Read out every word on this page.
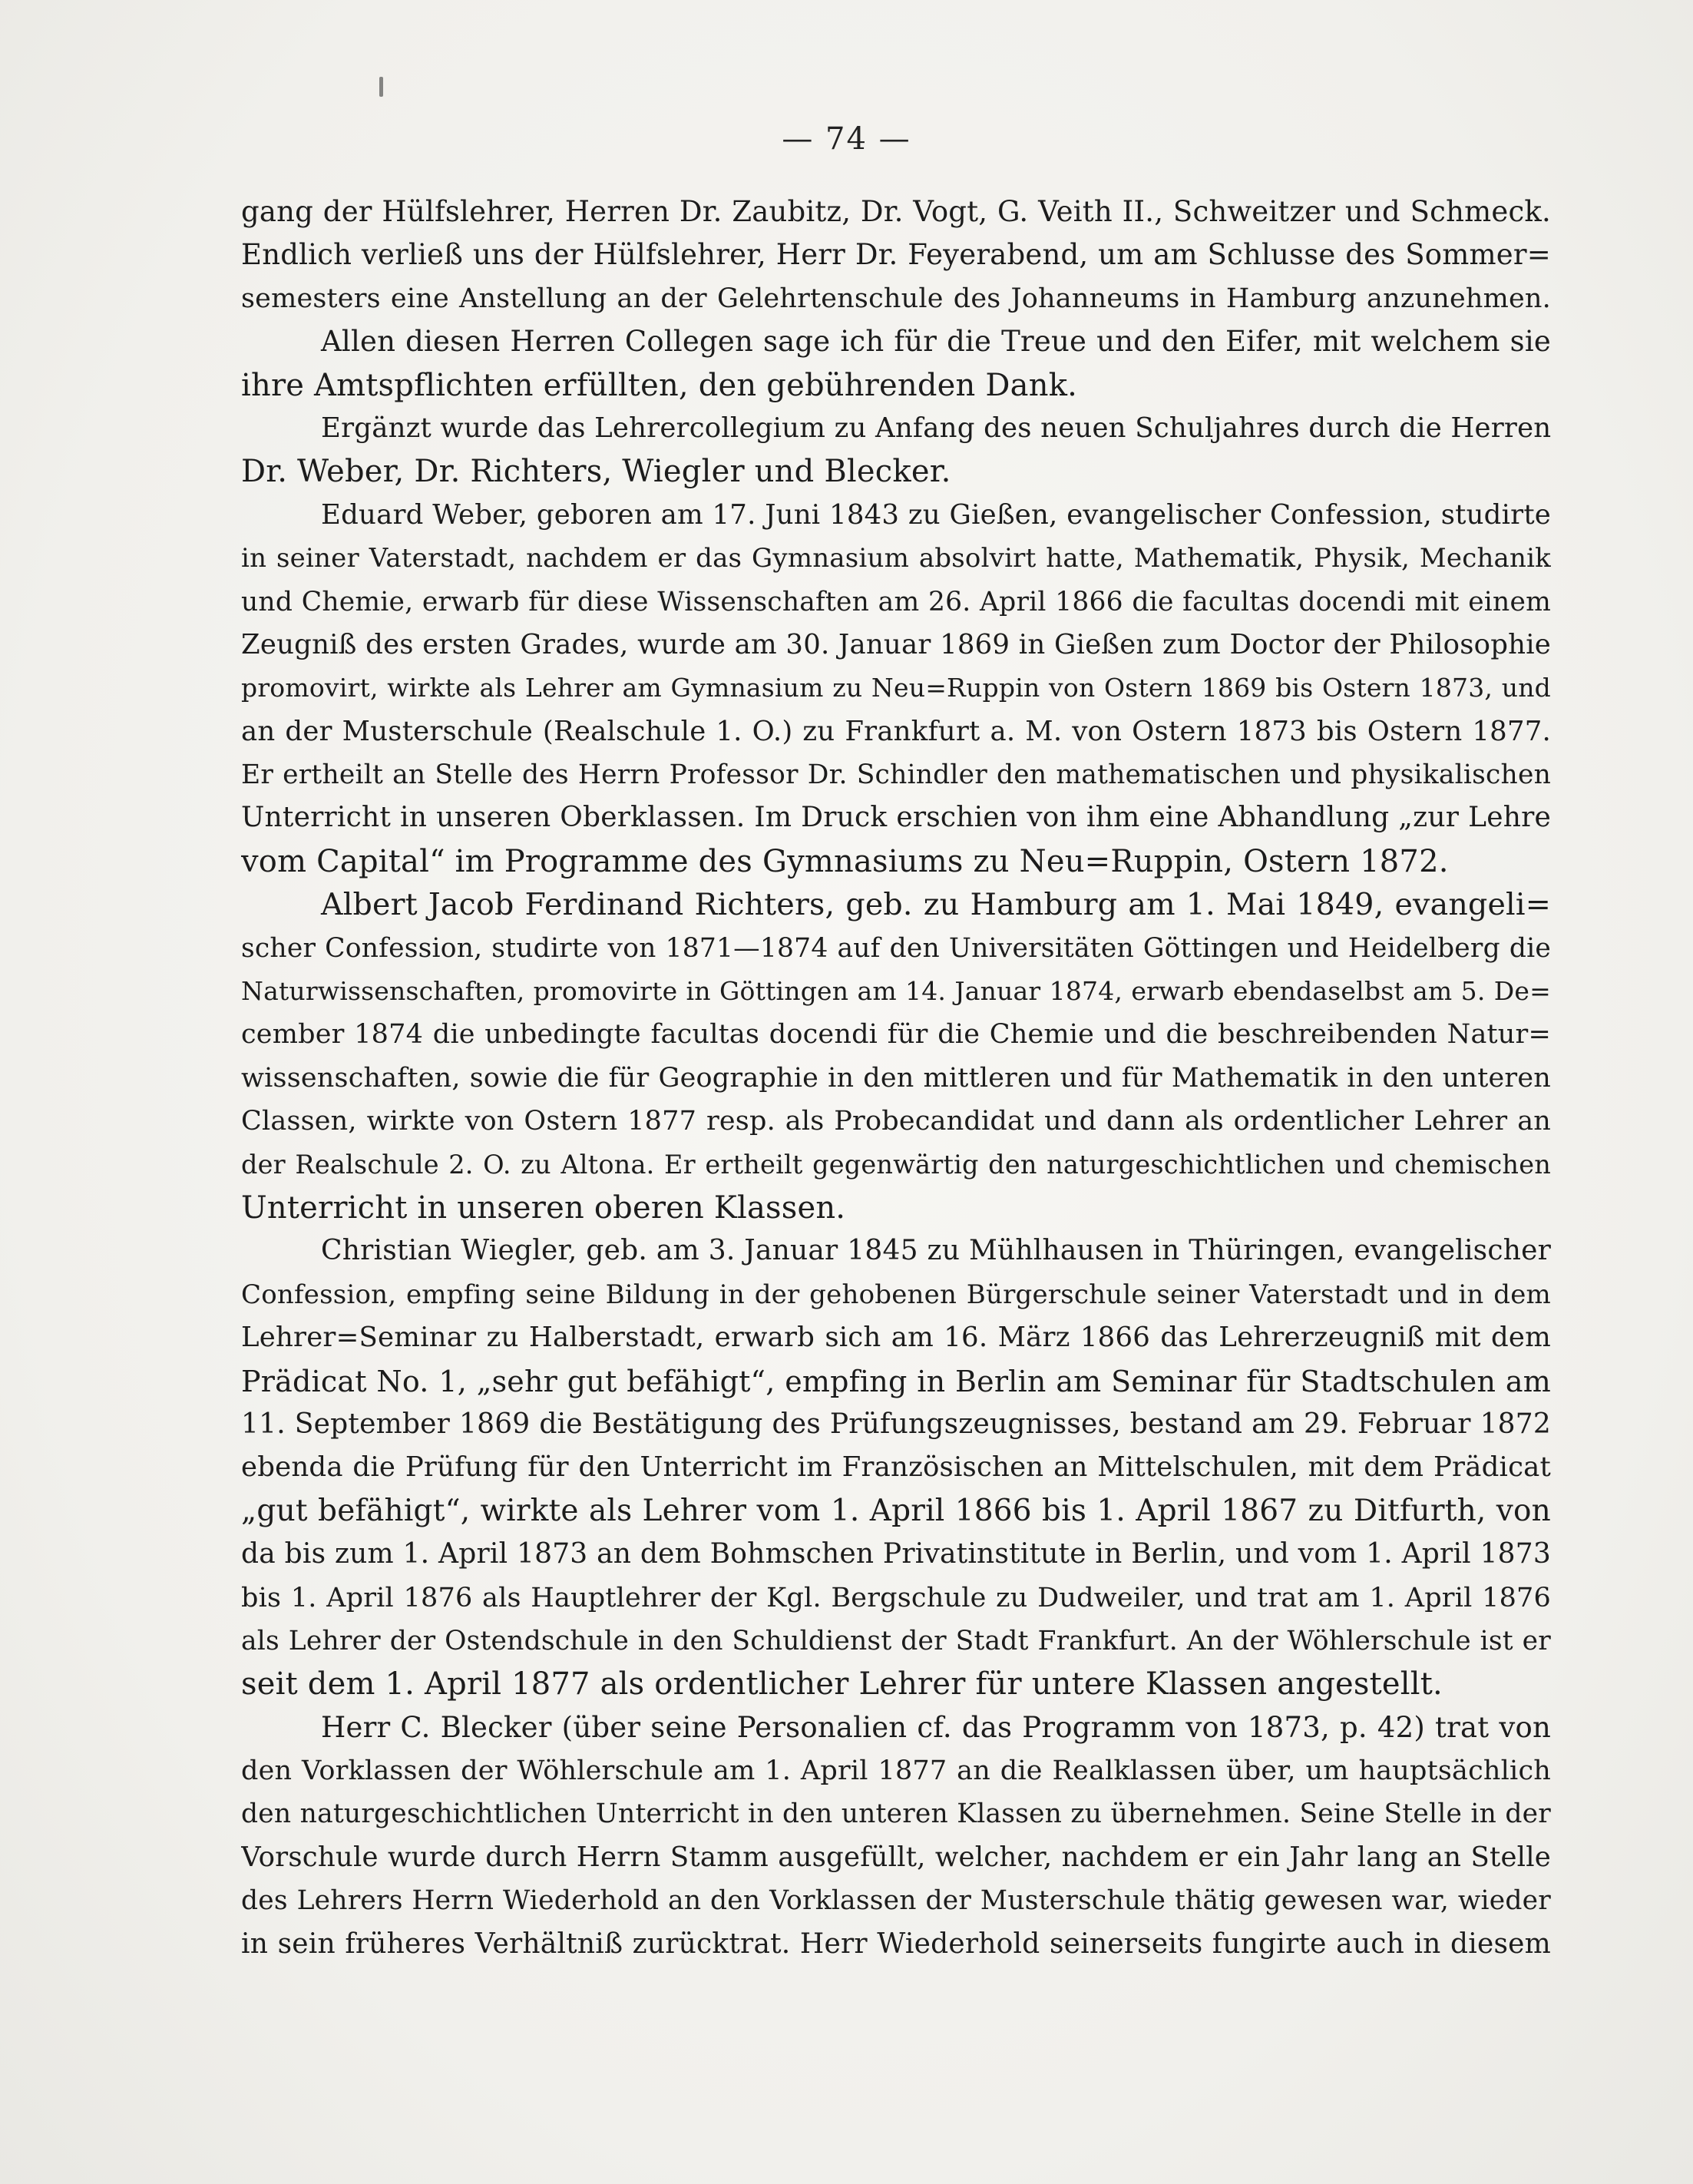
— 74 —
gang der Hülfslehrer, Herren Dr. Zaubitz, Dr. Vogt, G. Veith II., Schweitzer und Schmeck.
Endlich verließ uns der Hülfslehrer, Herr Dr. Feyerabend, um am Schlusse des Sommer=
semesters eine Anstellung an der Gelehrtenschule des Johanneums in Hamburg anzunehmen.
Allen diesen Herren Collegen sage ich für die Treue und den Eifer, mit welchem sie
ihre Amtspflichten erfüllten, den gebührenden Dank.
Ergänzt wurde das Lehrercollegium zu Anfang des neuen Schuljahres durch die Herren
Dr. Weber, Dr. Richters, Wiegler und Blecker.
Eduard Weber, geboren am 17. Juni 1843 zu Gießen, evangelischer Confession, studirte
in seiner Vaterstadt, nachdem er das Gymnasium absolvirt hatte, Mathematik, Physik, Mechanik
und Chemie, erwarb für diese Wissenschaften am 26. April 1866 die facultas docendi mit einem
Zeugniß des ersten Grades, wurde am 30. Januar 1869 in Gießen zum Doctor der Philosophie
promovirt, wirkte als Lehrer am Gymnasium zu Neu=Ruppin von Ostern 1869 bis Ostern 1873, und
an der Musterschule (Realschule 1. O.) zu Frankfurt a. M. von Ostern 1873 bis Ostern 1877.
Er ertheilt an Stelle des Herrn Professor Dr. Schindler den mathematischen und physikalischen
Unterricht in unseren Oberklassen. Im Druck erschien von ihm eine Abhandlung „zur Lehre
vom Capital“ im Programme des Gymnasiums zu Neu=Ruppin, Ostern 1872.
Albert Jacob Ferdinand Richters, geb. zu Hamburg am 1. Mai 1849, evangeli=
scher Confession, studirte von 1871—1874 auf den Universitäten Göttingen und Heidelberg die
Naturwissenschaften, promovirte in Göttingen am 14. Januar 1874, erwarb ebendaselbst am 5. De=
cember 1874 die unbedingte facultas docendi für die Chemie und die beschreibenden Natur=
wissenschaften, sowie die für Geographie in den mittleren und für Mathematik in den unteren
Classen, wirkte von Ostern 1877 resp. als Probecandidat und dann als ordentlicher Lehrer an
der Realschule 2. O. zu Altona. Er ertheilt gegenwärtig den naturgeschichtlichen und chemischen
Unterricht in unseren oberen Klassen.
Christian Wiegler, geb. am 3. Januar 1845 zu Mühlhausen in Thüringen, evangelischer
Confession, empfing seine Bildung in der gehobenen Bürgerschule seiner Vaterstadt und in dem
Lehrer=Seminar zu Halberstadt, erwarb sich am 16. März 1866 das Lehrerzeugniß mit dem
Prädicat No. 1, „sehr gut befähigt“, empfing in Berlin am Seminar für Stadtschulen am
11. September 1869 die Bestätigung des Prüfungszeugnisses, bestand am 29. Februar 1872
ebenda die Prüfung für den Unterricht im Französischen an Mittelschulen, mit dem Prädicat
„gut befähigt“, wirkte als Lehrer vom 1. April 1866 bis 1. April 1867 zu Ditfurth, von
da bis zum 1. April 1873 an dem Bohmschen Privatinstitute in Berlin, und vom 1. April 1873
bis 1. April 1876 als Hauptlehrer der Kgl. Bergschule zu Dudweiler, und trat am 1. April 1876
als Lehrer der Ostendschule in den Schuldienst der Stadt Frankfurt. An der Wöhlerschule ist er
seit dem 1. April 1877 als ordentlicher Lehrer für untere Klassen angestellt.
Herr C. Blecker (über seine Personalien cf. das Programm von 1873, p. 42) trat von
den Vorklassen der Wöhlerschule am 1. April 1877 an die Realklassen über, um hauptsächlich
den naturgeschichtlichen Unterricht in den unteren Klassen zu übernehmen. Seine Stelle in der
Vorschule wurde durch Herrn Stamm ausgefüllt, welcher, nachdem er ein Jahr lang an Stelle
des Lehrers Herrn Wiederhold an den Vorklassen der Musterschule thätig gewesen war, wieder
in sein früheres Verhältniß zurücktrat. Herr Wiederhold seinerseits fungirte auch in diesem
